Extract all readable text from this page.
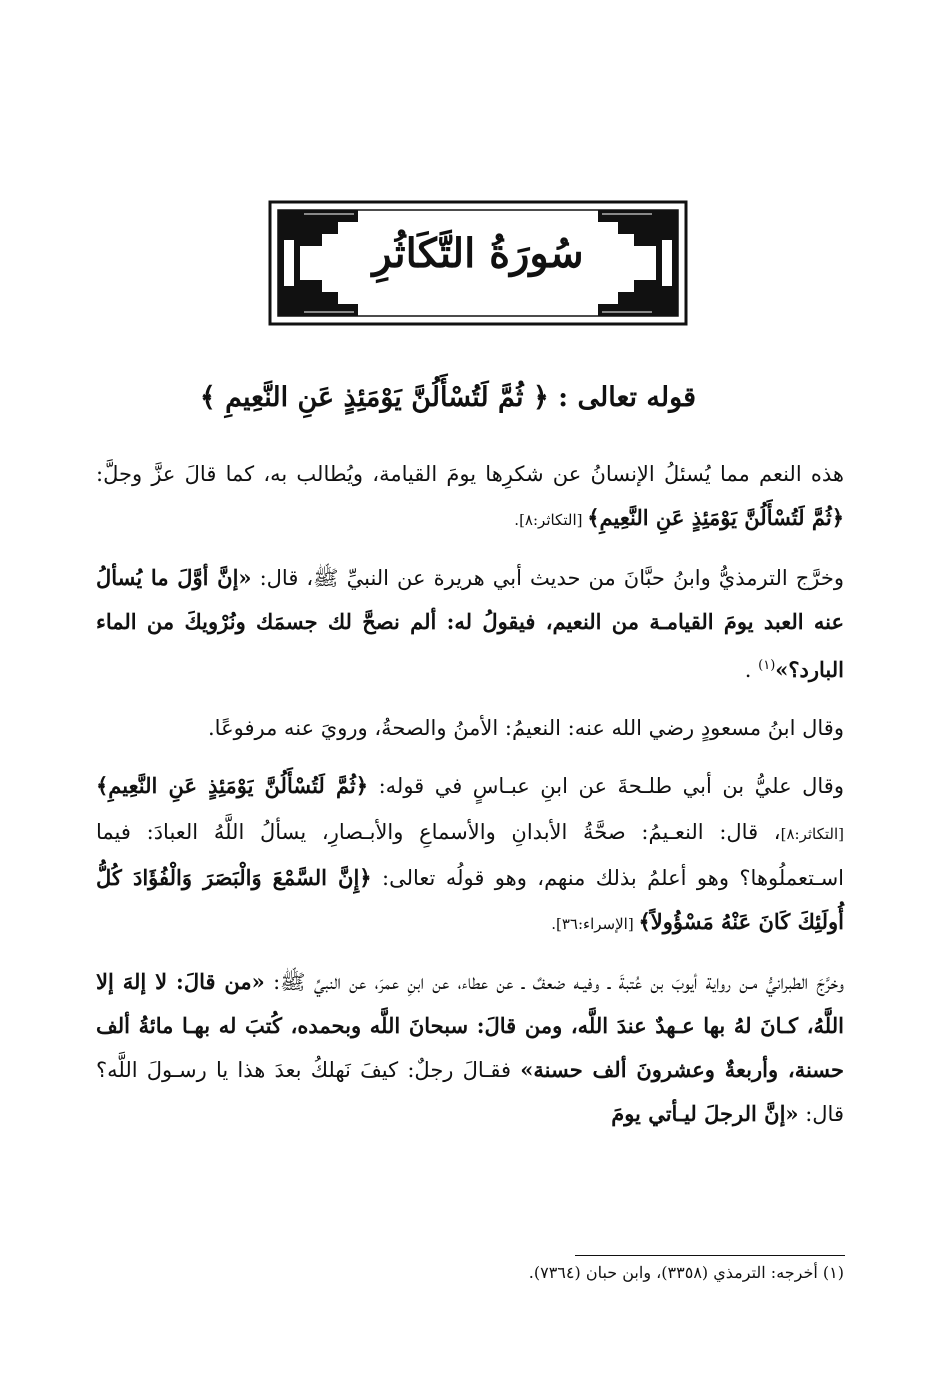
سُورَةُ التَّكَاثُرِ
قوله تعالى : ﴿ ثُمَّ لَتُسْأَلُنَّ يَوْمَئِذٍ عَنِ النَّعِيمِ ﴾

هذه النعم مما يُسئلُ الإنسانُ عن شكرِها يومَ القيامة، ويُطالب به، كما قالَ عزَّ وجلَّ: ﴿ثُمَّ لَتُسْأَلُنَّ يَوْمَئِذٍ عَنِ النَّعِيمِ﴾ [التكاثر:٨].

وخرَّج الترمذيُّ وابنُ حبَّانَ من حديث أبي هريرة عن النبيِّ ﷺ، قال: «إنَّ أوَّلَ ما يُسألُ عنه العبد يومَ القيامـة من النعيم، فيقولُ له: ألم نصحَّ لك جسمَك ونُرْويكَ من الماء البارد؟»$^{(١)}$ .

وقال ابنُ مسعودٍ رضي الله عنه: النعيمُ: الأمنُ والصحةُ، ورويَ عنه مرفوعًا.

وقال عليُّ بن أبي طلـحةَ عن ابنِ عبـاسٍ في قوله: ﴿ثُمَّ لَتُسْأَلُنَّ يَوْمَئِذٍ عَنِ النَّعِيمِ﴾ [التكاثر:٨]، قال: النعـيمُ: صحَّةُ الأبدانِ والأسماعِ والأبـصارِ، يسألُ اللَّهُ العبادَ: فيما اسـتعملُوها؟ وهو أعلمُ بذلك منهم، وهو قولُه تعالى: ﴿إِنَّ السَّمْعَ وَالْبَصَرَ وَالْفُؤَادَ كُلُّ أُولَئِكَ كَانَ عَنْهُ مَسْؤُولاً﴾ [الإسراء:٣٦].

وخرَّجَ الطبرانيُّ مـن رواية أيوبَ بن عُتبةَ ـ وفيـه ضعفٌ ـ عن عطاء، عن ابنِ عمرَ، عن النبيِّ ﷺ: «من قالَ: لا إلهَ إلا اللَّهُ، كـانَ لهُ بها عـهدٌ عندَ اللَّه، ومن قالَ: سبحانَ اللَّه وبحمده، كُتبَ له بهـا مائةُ ألف حسنة، وأربعةٌ وعشرونَ ألف حسنة» فقـالَ رجلٌ: كيفَ نَهلكُ بعدَ هذا يا رسـولَ اللَّه؟ قال: «إنَّ الرجلَ ليـأتي يومَ

(١) أخرجه: الترمذي (٣٣٥٨)، وابن حبان (٧٣٦٤).
